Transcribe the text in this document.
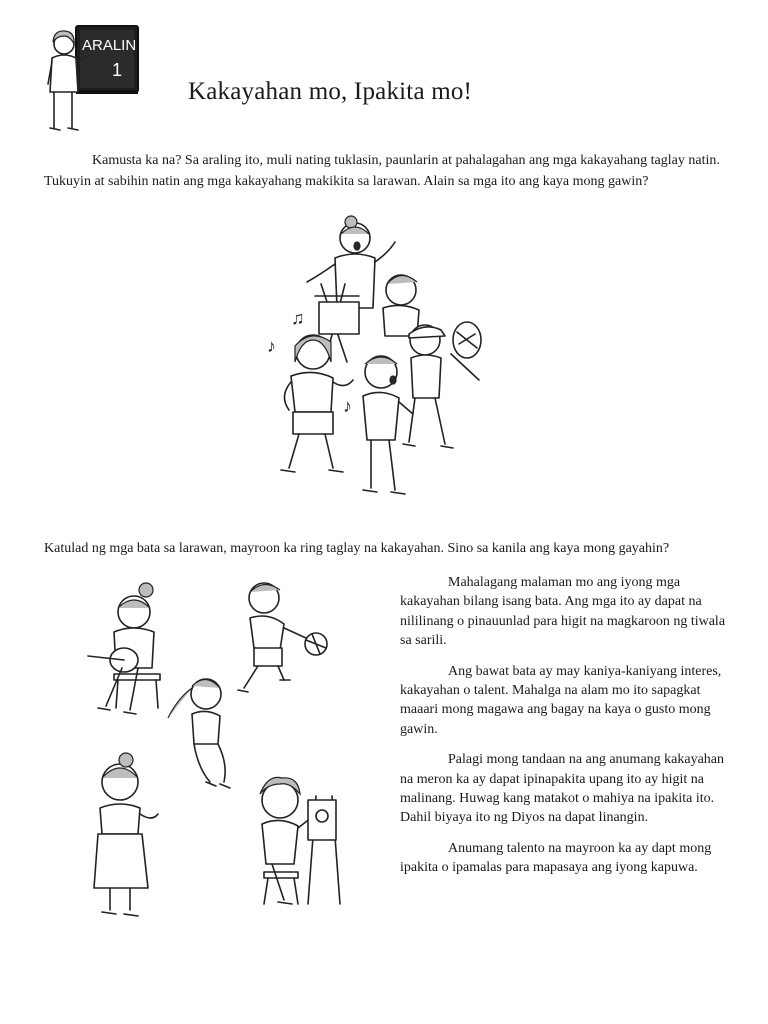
ARALIN
1
Kakayahan mo, Ipakita mo!

Kamusta ka na? Sa araling ito, muli nating tuklasin, paunlarin at pahalagahan ang mga kakayahang taglay natin. Tukuyin at sabihin natin ang mga kakayahang makikita sa larawan. Alain sa mga ito ang kaya mong gawin?

♪
♫
♪

Katulad ng mga bata sa larawan, mayroon ka ring taglay na kakayahan. Sino sa kanila ang kaya mong gayahin?

Mahalagang malaman mo ang iyong mga kakayahan bilang isang bata. Ang mga ito ay dapat na nililinang o pinauunlad para higit na magkaroon ng tiwala sa sarili.

Ang bawat bata ay may kaniya-kaniyang interes, kakayahan o talent. Mahalga na alam mo ito sapagkat maaari mong magawa ang bagay na kaya o gusto mong gawin.

Palagi mong tandaan na ang anumang kakayahan na meron ka ay dapat ipinapakita upang ito ay higit na malinang. Huwag kang matakot o mahiya na ipakita ito. Dahil biyaya ito ng Diyos na dapat linangin.

Anumang talento na mayroon ka ay dapt mong ipakita o ipamalas para mapasaya ang iyong kapuwa.
